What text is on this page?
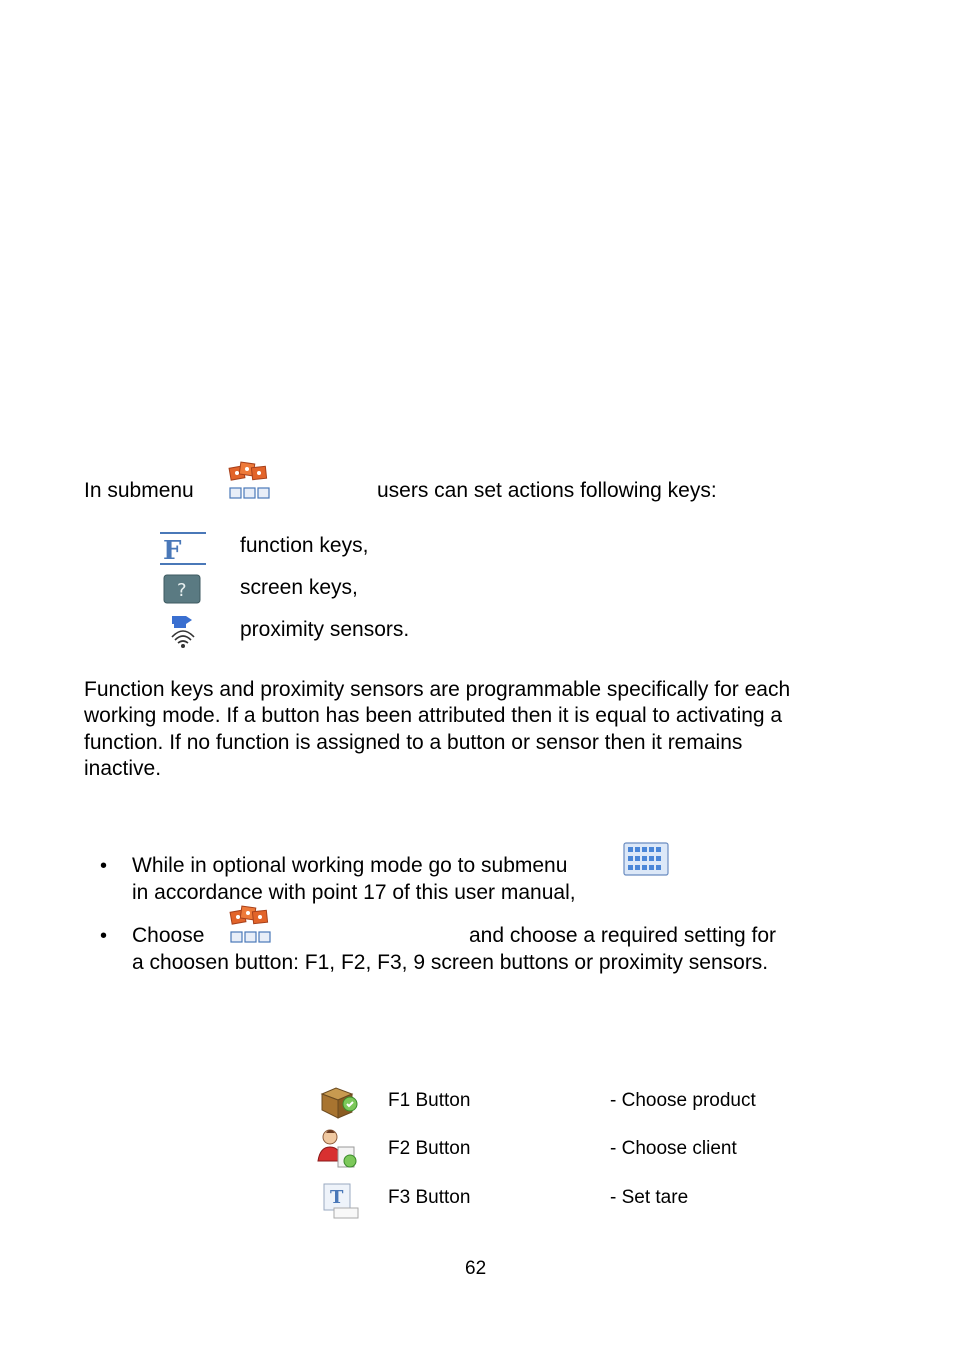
In submenu	users can set actions following keys:
F	function keys,
?	screen keys,
proximity sensors.
Function keys and proximity sensors are programmable specifically for each
working mode. If a button has been attributed then it is equal to activating a
function. If no function is assigned to a button or sensor then it remains
inactive.
• While in optional working mode go to submenu
in accordance with point 17 of this user manual,
• Choose	and choose a required setting for
a choosen button: F1, F2, F3, 9 screen buttons or proximity sensors.
F1 Button	- Choose product
F2 Button	- Choose client
T F3 Button	- Set tare
62
